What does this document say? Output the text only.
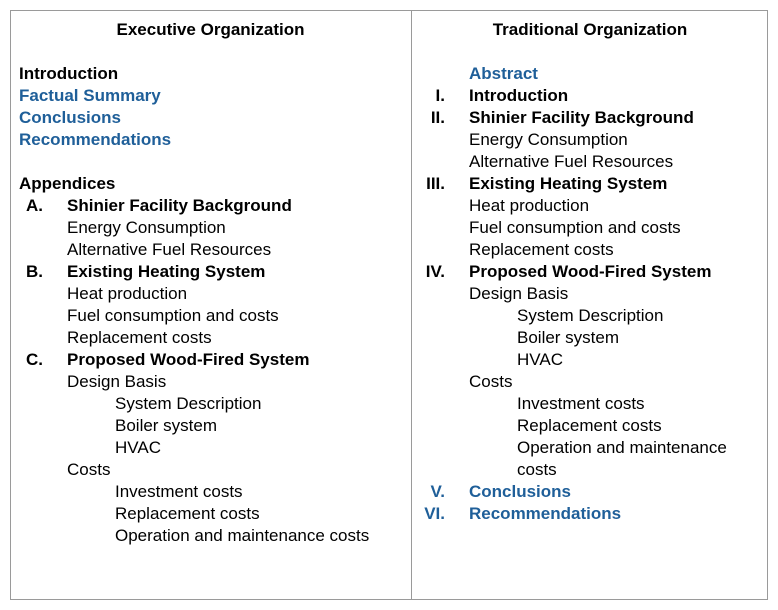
Executive Organization
Introduction
Factual Summary
Conclusions
Recommendations
Appendices
A. Shinier Facility Background
Energy Consumption
Alternative Fuel Resources
B. Existing Heating System
Heat production
Fuel consumption and costs
Replacement costs
C. Proposed Wood-Fired System
Design Basis
System Description
Boiler system
HVAC
Costs
Investment costs
Replacement costs
Operation and maintenance costs
Traditional Organization
Abstract
I. Introduction
II. Shinier Facility Background
Energy Consumption
Alternative Fuel Resources
III. Existing Heating System
Heat production
Fuel consumption and costs
Replacement costs
IV. Proposed Wood-Fired System
Design Basis
System Description
Boiler system
HVAC
Costs
Investment costs
Replacement costs
Operation and maintenance
costs
V. Conclusions
VI. Recommendations
